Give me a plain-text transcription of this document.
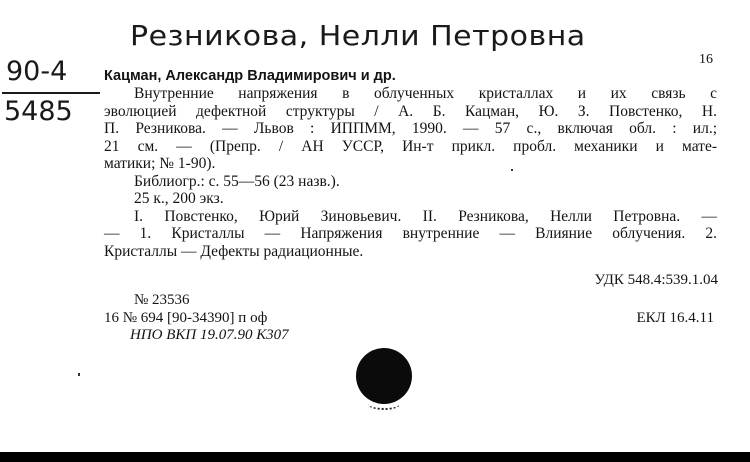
Резникова, Нелли Петровна
90-4
5485
16
Кацман, Александр Владимирович и др.
Внутренние напряжения в облученных кристаллах и их связь с
эволюцией дефектной структуры / А. Б. Кацман, Ю. З. Повстенко, Н.
П. Резникова. — Львов : ИППММ, 1990. — 57 с., включая обл. : ил.;
21 см. — (Препр. / АН УССР, Ин-т прикл. пробл. механики и мате-
матики; № 1-90).
Библиогр.: с. 55—56 (23 назв.).
25 к., 200 экз.
I. Повстенко, Юрий Зиновьевич. II. Резникова, Нелли Петровна. —
— 1. Кристаллы — Напряжения внутренние — Влияние облучения. 2.
Кристаллы — Дефекты радиационные.
УДК 548.4:539.1.04
№ 23536
16 № 694 [90-34390] п оф	ЕКЛ 16.4.11
НПО ВКП 19.07.90 К307
